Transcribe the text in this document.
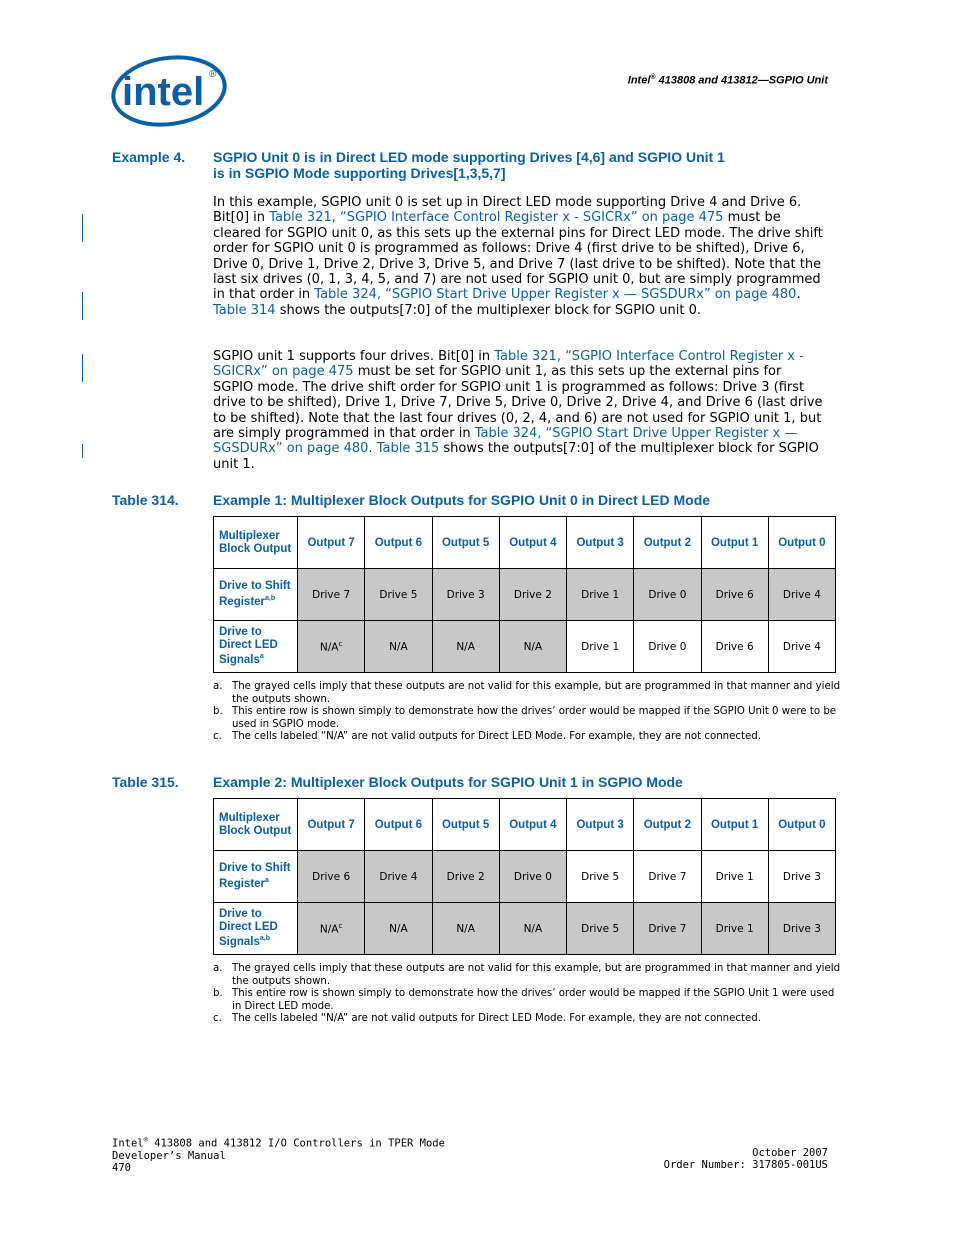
intel ®
Intel® 413808 and 413812—SGPIO Unit
Example 4. SGPIO Unit 0 is in Direct LED mode supporting Drives [4,6] and SGPIO Unit 1
is in SGPIO Mode supporting Drives[1,3,5,7]
In this example, SGPIO unit 0 is set up in Direct LED mode supporting Drive 4 and Drive 6. Bit[0] in Table 321, “SGPIO Interface Control Register x - SGICRx” on page 475 must be cleared for SGPIO unit 0, as this sets up the external pins for Direct LED mode. The drive shift order for SGPIO unit 0 is programmed as follows: Drive 4 (first drive to be shifted), Drive 6, Drive 0, Drive 1, Drive 2, Drive 3, Drive 5, and Drive 7 (last drive to be shifted). Note that the last six drives (0, 1, 3, 4, 5, and 7) are not used for SGPIO unit 0, but are simply programmed in that order in Table 324, “SGPIO Start Drive Upper Register x — SGSDURx” on page 480. Table 314 shows the outputs[7:0] of the multiplexer block for SGPIO unit 0.
SGPIO unit 1 supports four drives. Bit[0] in Table 321, “SGPIO Interface Control Register x - SGICRx” on page 475 must be set for SGPIO unit 1, as this sets up the external pins for SGPIO mode. The drive shift order for SGPIO unit 1 is programmed as follows: Drive 3 (first drive to be shifted), Drive 1, Drive 7, Drive 5, Drive 0, Drive 2, Drive 4, and Drive 6 (last drive to be shifted). Note that the last four drives (0, 2, 4, and 6) are not used for SGPIO unit 1, but are simply programmed in that order in Table 324, “SGPIO Start Drive Upper Register x — SGSDURx” on page 480. Table 315 shows the outputs[7:0] of the multiplexer block for SGPIO unit 1.
Table 314. Example 1: Multiplexer Block Outputs for SGPIO Unit 0 in Direct LED Mode
Multiplexer Block Output	Output 7	Output 6	Output 5	Output 4	Output 3	Output 2	Output 1	Output 0
Drive to Shift Register$^{a,b}$	Drive 7	Drive 5	Drive 3	Drive 2	Drive 1	Drive 0	Drive 6	Drive 4
Drive to Direct LED Signals$^a$	$N/A^c$	N/A	N/A	N/A	Drive 1	Drive 0	Drive 6	Drive 4
a. The grayed cells imply that these outputs are not valid for this example, but are programmed in that manner and yield the outputs shown.
b. This entire row is shown simply to demonstrate how the drives’ order would be mapped if the SGPIO Unit 0 were to be used in SGPIO mode.
c. The cells labeled “N/A” are not valid outputs for Direct LED Mode. For example, they are not connected.
Table 315. Example 2: Multiplexer Block Outputs for SGPIO Unit 1 in SGPIO Mode
Multiplexer Block Output	Output 7	Output 6	Output 5	Output 4	Output 3	Output 2	Output 1	Output 0
Drive to Shift Register$^a$	Drive 6	Drive 4	Drive 2	Drive 0	Drive 5	Drive 7	Drive 1	Drive 3
Drive to Direct LED Signals$^{a,b}$	$N/A^c$	N/A	N/A	N/A	Drive 5	Drive 7	Drive 1	Drive 3
a. The grayed cells imply that these outputs are not valid for this example, but are programmed in that manner and yield the outputs shown.
b. This entire row is shown simply to demonstrate how the drives’ order would be mapped if the SGPIO Unit 1 were used in Direct LED mode.
c. The cells labeled “N/A” are not valid outputs for Direct LED Mode. For example, they are not connected.
Intel® 413808 and 413812 I/O Controllers in TPER Mode
Developer’s Manual
470
October 2007
Order Number: 317805-001US
